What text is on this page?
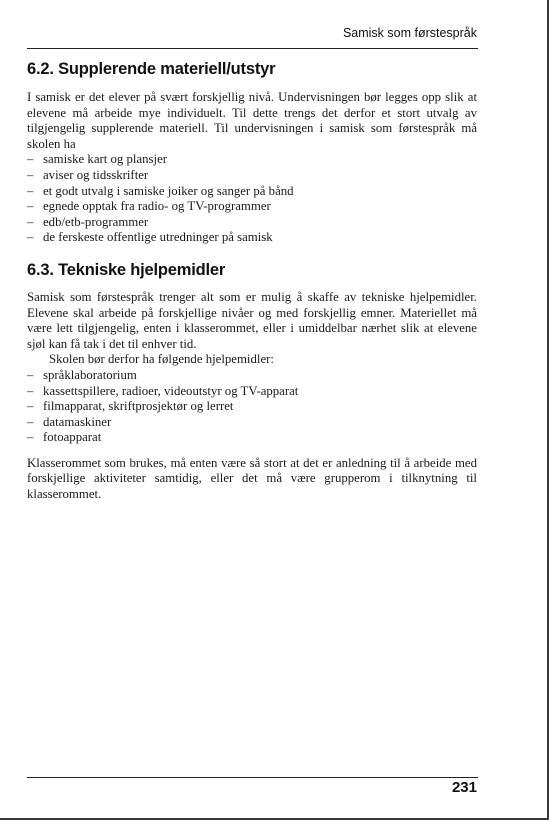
Samisk som førstespråk
6.2. Supplerende materiell/utstyr

I samisk er det elever på svært forskjellig nivå. Undervisningen bør legges opp slik at elevene må arbeide mye individuelt. Til dette trengs det derfor et stort utvalg av tilgjengelig supplerende materiell. Til undervisningen i samisk som førstespråk må skolen ha

– samiske kart og plansjer
– aviser og tidsskrifter
– et godt utvalg i samiske joiker og sanger på bånd
– egnede opptak fra radio- og TV-programmer
– edb/etb-programmer
– de ferskeste offentlige utredninger på samisk
6.3. Tekniske hjelpemidler

Samisk som førstespråk trenger alt som er mulig å skaffe av tekniske hjelpemidler. Elevene skal arbeide på forskjellige nivåer og med forskjellig emner. Materiellet må være lett tilgjengelig, enten i klasserommet, eller i umiddelbar nærhet slik at elevene sjøl kan få tak i det til enhver tid.

Skolen bør derfor ha følgende hjelpemidler:

– språklaboratorium
– kassettspillere, radioer, videoutstyr og TV-apparat
– filmapparat, skriftprosjektør og lerret
– datamaskiner
– fotoapparat

Klasserommet som brukes, må enten være så stort at det er anledning til å arbeide med forskjellige aktiviteter samtidig, eller det må være grupperom i tilknytning til klasserommet.

231
